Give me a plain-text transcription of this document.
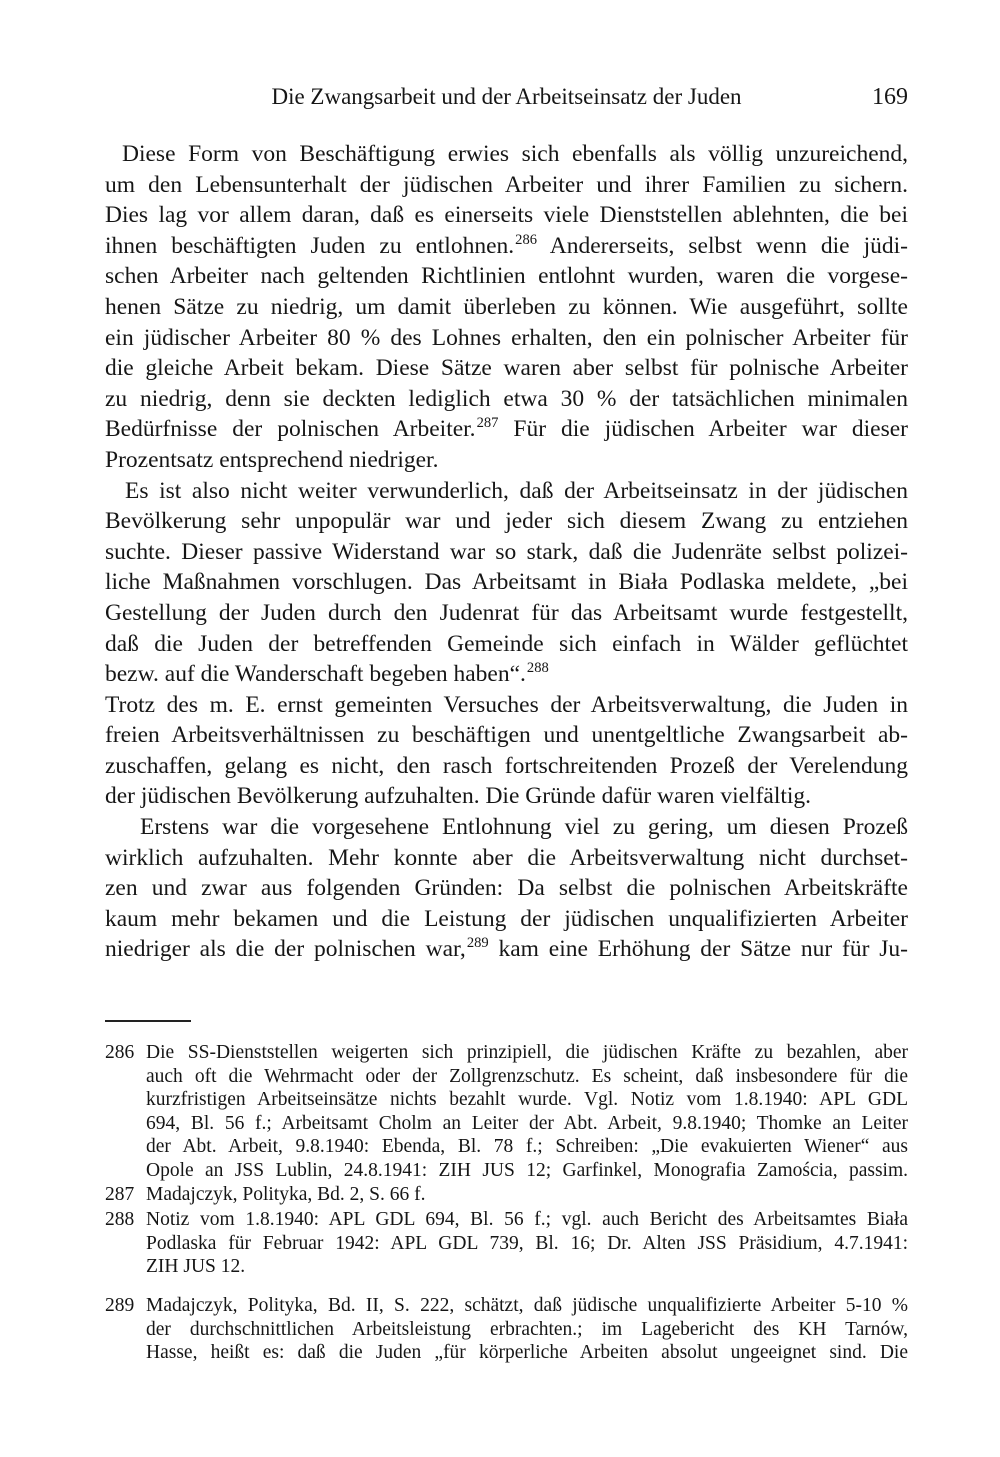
Die Zwangsarbeit und der Arbeitseinsatz der Juden	169
Diese Form von Beschäftigung erwies sich ebenfalls als völlig unzureichend,
um den Lebensunterhalt der jüdischen Arbeiter und ihrer Familien zu sichern.
Dies lag vor allem daran, daß es einerseits viele Dienststellen ablehnten, die bei
ihnen beschäftigten Juden zu entlohnen.$^{286}$ Andererseits, selbst wenn die jüdi-
schen Arbeiter nach geltenden Richtlinien entlohnt wurden, waren die vorgese-
henen Sätze zu niedrig, um damit überleben zu können. Wie ausgeführt, sollte
ein jüdischer Arbeiter 80 % des Lohnes erhalten, den ein polnischer Arbeiter für
die gleiche Arbeit bekam. Diese Sätze waren aber selbst für polnische Arbeiter
zu niedrig, denn sie deckten lediglich etwa 30 % der tatsächlichen minimalen
Bedürfnisse der polnischen Arbeiter.$^{287}$ Für die jüdischen Arbeiter war dieser
Prozentsatz entsprechend niedriger.
Es ist also nicht weiter verwunderlich, daß der Arbeitseinsatz in der jüdischen
Bevölkerung sehr unpopulär war und jeder sich diesem Zwang zu entziehen
suchte. Dieser passive Widerstand war so stark, daß die Judenräte selbst polizei-
liche Maßnahmen vorschlugen. Das Arbeitsamt in Biała Podlaska meldete, „bei
Gestellung der Juden durch den Judenrat für das Arbeitsamt wurde festgestellt,
daß die Juden der betreffenden Gemeinde sich einfach in Wälder geflüchtet
bezw. auf die Wanderschaft begeben haben“.$^{288}$
Trotz des m. E. ernst gemeinten Versuches der Arbeitsverwaltung, die Juden in
freien Arbeitsverhältnissen zu beschäftigen und unentgeltliche Zwangsarbeit ab-
zuschaffen, gelang es nicht, den rasch fortschreitenden Prozeß der Verelendung
der jüdischen Bevölkerung aufzuhalten. Die Gründe dafür waren vielfältig.
Erstens war die vorgesehene Entlohnung viel zu gering, um diesen Prozeß
wirklich aufzuhalten. Mehr konnte aber die Arbeitsverwaltung nicht durchset-
zen und zwar aus folgenden Gründen: Da selbst die polnischen Arbeitskräfte
kaum mehr bekamen und die Leistung der jüdischen unqualifizierten Arbeiter
niedriger als die der polnischen war,$^{289}$ kam eine Erhöhung der Sätze nur für Ju-
286 Die SS-Dienststellen weigerten sich prinzipiell, die jüdischen Kräfte zu bezahlen, aber
auch oft die Wehrmacht oder der Zollgrenzschutz. Es scheint, daß insbesondere für die
kurzfristigen Arbeitseinsätze nichts bezahlt wurde. Vgl. Notiz vom 1.8.1940: APL GDL
694, Bl. 56 f.; Arbeitsamt Cholm an Leiter der Abt. Arbeit, 9.8.1940; Thomke an Leiter
der Abt. Arbeit, 9.8.1940: Ebenda, Bl. 78 f.; Schreiben: „Die evakuierten Wiener“ aus
Opole an JSS Lublin, 24.8.1941: ZIH JUS 12; Garfinkel, Monografia Zamościa, passim.
287 Madajczyk, Polityka, Bd. 2, S. 66 f.
288 Notiz vom 1.8.1940: APL GDL 694, Bl. 56 f.; vgl. auch Bericht des Arbeitsamtes Biała
Podlaska für Februar 1942: APL GDL 739, Bl. 16; Dr. Alten JSS Präsidium, 4.7.1941:
ZIH JUS 12.
289 Madajczyk, Polityka, Bd. II, S. 222, schätzt, daß jüdische unqualifizierte Arbeiter 5-10 %
der durchschnittlichen Arbeitsleistung erbrachten.; im Lagebericht des KH Tarnów,
Hasse, heißt es: daß die Juden „für körperliche Arbeiten absolut ungeeignet sind. Die
